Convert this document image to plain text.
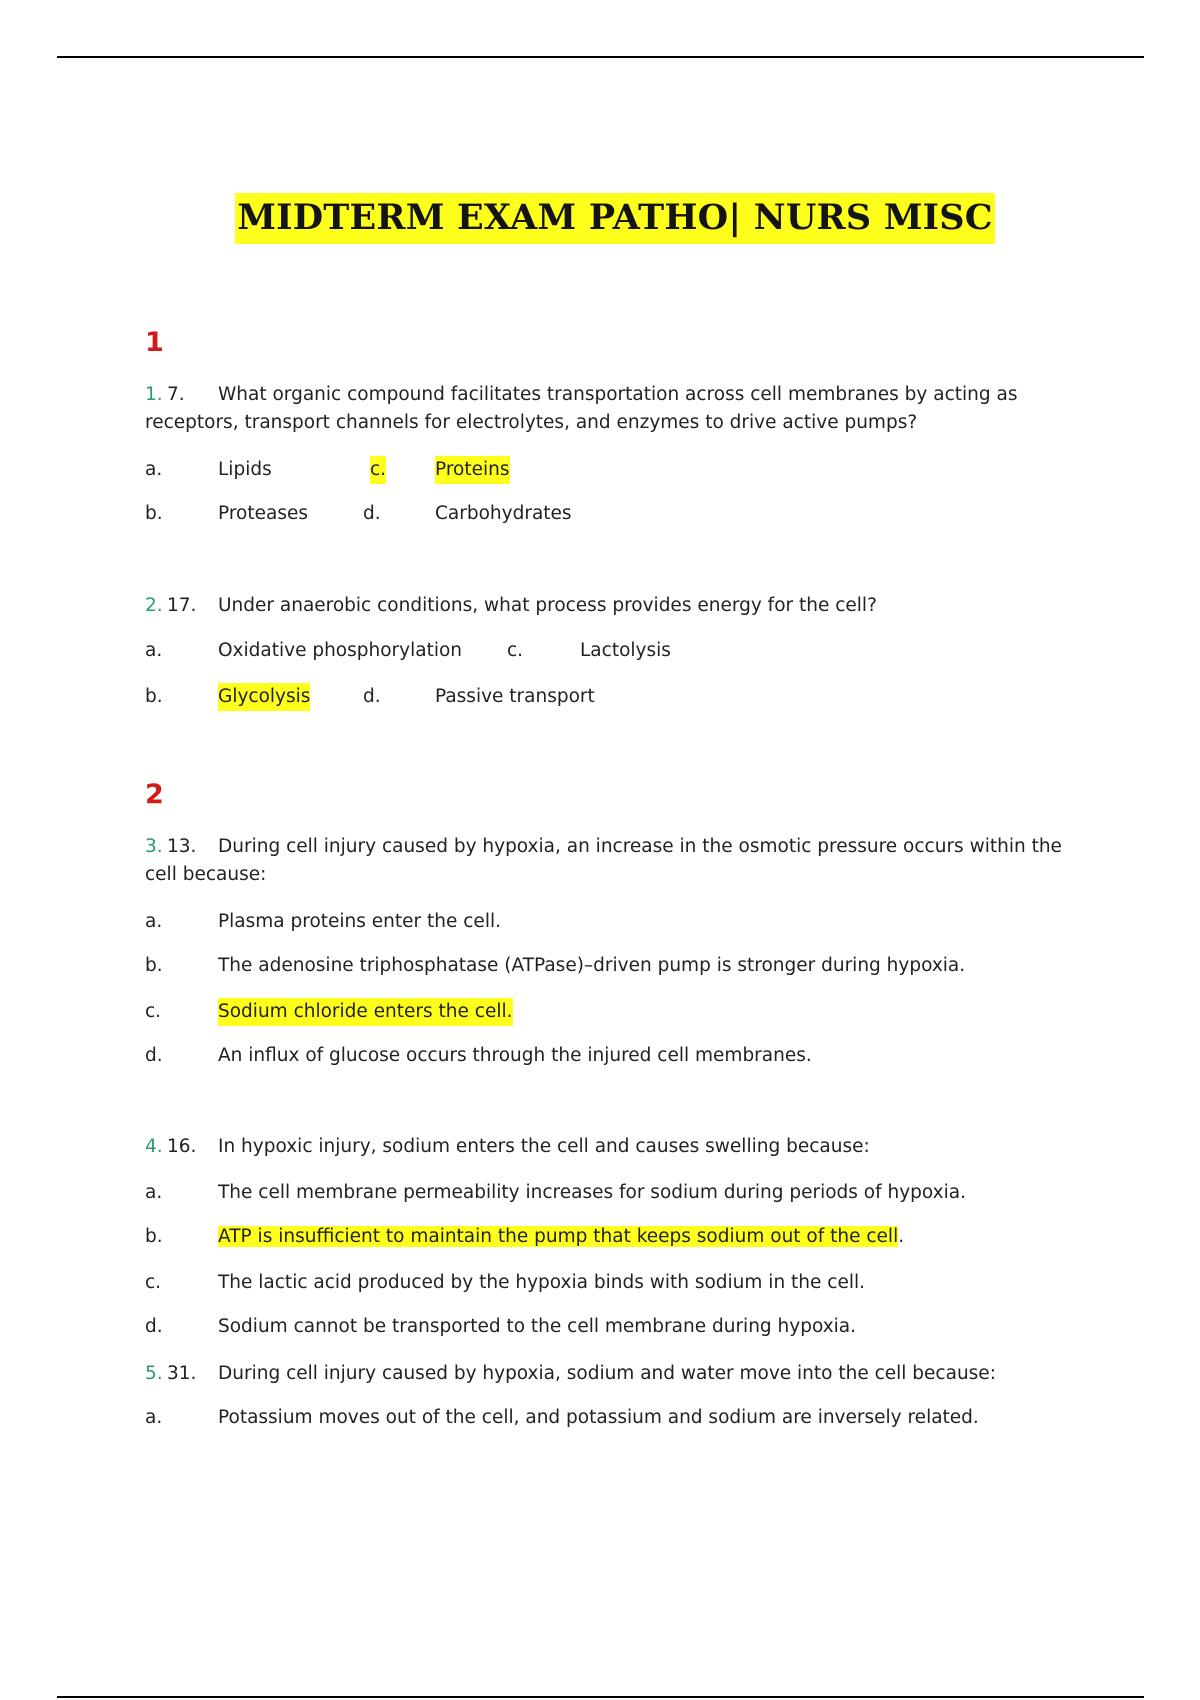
MIDTERM EXAM PATHO| NURS MISC
1
1. 7. What organic compound facilitates transportation across cell membranes by acting as
receptors, transport channels for electrolytes, and enzymes to drive active pumps?
a.	Lipids	c.	Proteins
b.	Proteases	d.	Carbohydrates
2. 17. Under anaerobic conditions, what process provides energy for the cell?
a.	Oxidative phosphorylation c.	Lactolysis
b.	Glycolysis	d.	Passive transport
2
3. 13. During cell injury caused by hypoxia, an increase in the osmotic pressure occurs within the
cell because:
a.	Plasma proteins enter the cell.
b.	The adenosine triphosphatase (ATPase)–driven pump is stronger during hypoxia.
c.	Sodium chloride enters the cell.
d.	An influx of glucose occurs through the injured cell membranes.
4. 16. In hypoxic injury, sodium enters the cell and causes swelling because:
a.	The cell membrane permeability increases for sodium during periods of hypoxia.
b.	ATP is insufficient to maintain the pump that keeps sodium out of the cell.
c.	The lactic acid produced by the hypoxia binds with sodium in the cell.
d.	Sodium cannot be transported to the cell membrane during hypoxia.
5. 31. During cell injury caused by hypoxia, sodium and water move into the cell because:
a.	Potassium moves out of the cell, and potassium and sodium are inversely related.
